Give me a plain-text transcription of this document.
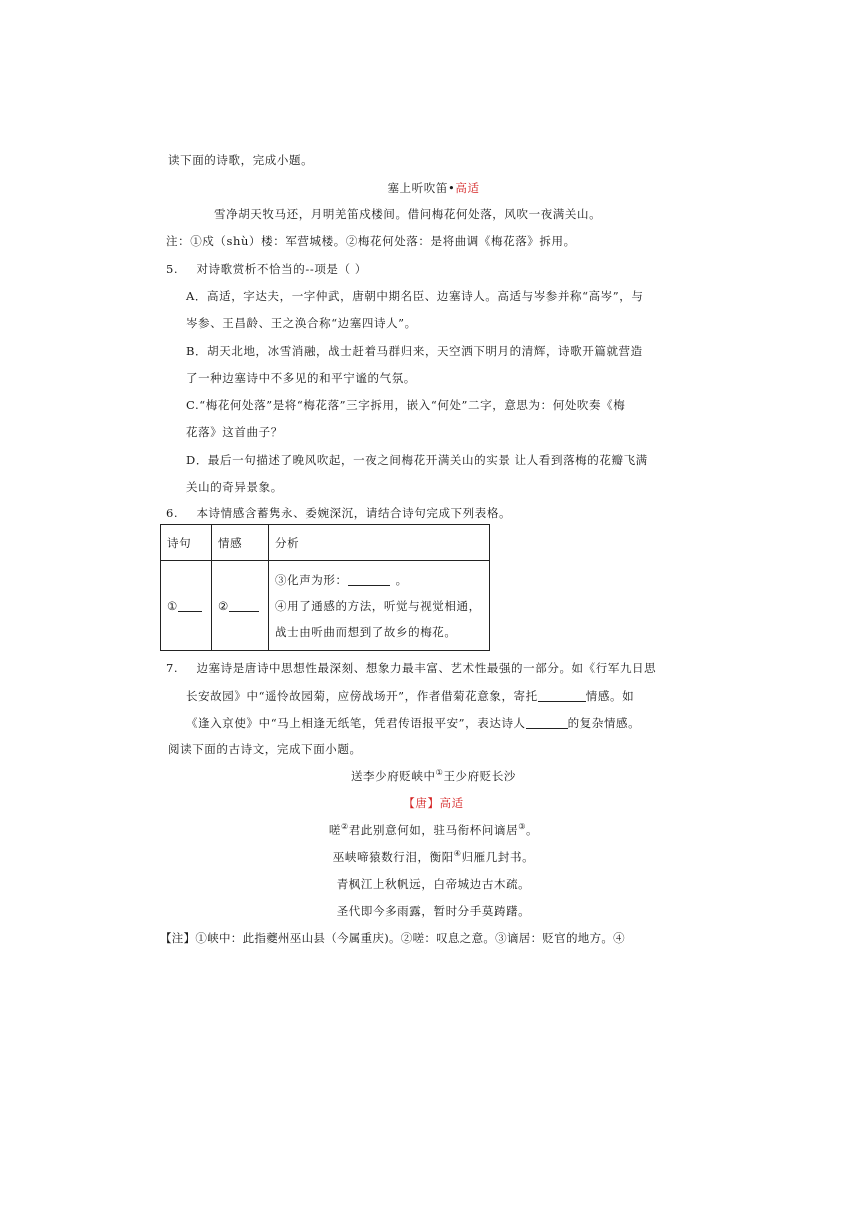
读下面的诗歌，完成小题。
塞上听吹笛•高适
雪净胡天牧马还，月明羌笛戍楼间。借问梅花何处落，风吹一夜满关山。
注：①戍（shù）楼：军营城楼。②梅花何处落：是将曲调《梅花落》拆用。
5. 对诗歌赏析不恰当的--项是（ ）
A．高适，字达夫，一字仲武，唐朝中期名臣、边塞诗人。高适与岑参并称“高岑”，与
岑参、王昌龄、王之涣合称“边塞四诗人”。
B．胡天北地，冰雪消融，战士赶着马群归来，天空洒下明月的清辉，诗歌开篇就营造
了一种边塞诗中不多见的和平宁谧的气氛。
C.“梅花何处落”是将“梅花落”三字拆用，嵌入“何处”二字，意思为：何处吹奏《梅
花落》这首曲子？
D．最后一句描述了晚风吹起，一夜之间梅花开满关山的实景 让人看到落梅的花瓣飞满
关山的奇异景象。
6. 本诗情感含蓄隽永、委婉深沉，请结合诗句完成下列表格。
诗句	情感	分析
①	②	③化声为形： 。
④用了通感的方法，听觉与视觉相通，
战士由听曲而想到了故乡的梅花。
7. 边塞诗是唐诗中思想性最深刻、想象力最丰富、艺术性最强的一部分。如《行军九日思
长安故园》中“遥怜故园菊，应傍战场开”，作者借菊花意象，寄托	情感。如
《逢入京使》中“马上相逢无纸笔，凭君传语报平安”，表达诗人	的复杂情感。
阅读下面的古诗文，完成下面小题。
送李少府贬峡中①王少府贬长沙
【唐】高适
嗟②君此别意何如，驻马衔杯问谪居③。
巫峡啼猿数行泪，衡阳④归雁几封书。
青枫江上秋帆远，白帝城边古木疏。
圣代即今多雨露，暂时分手莫踌躇。
【注】①峡中：此指夔州巫山县（今属重庆)。②嗟：叹息之意。③谪居：贬官的地方。④
